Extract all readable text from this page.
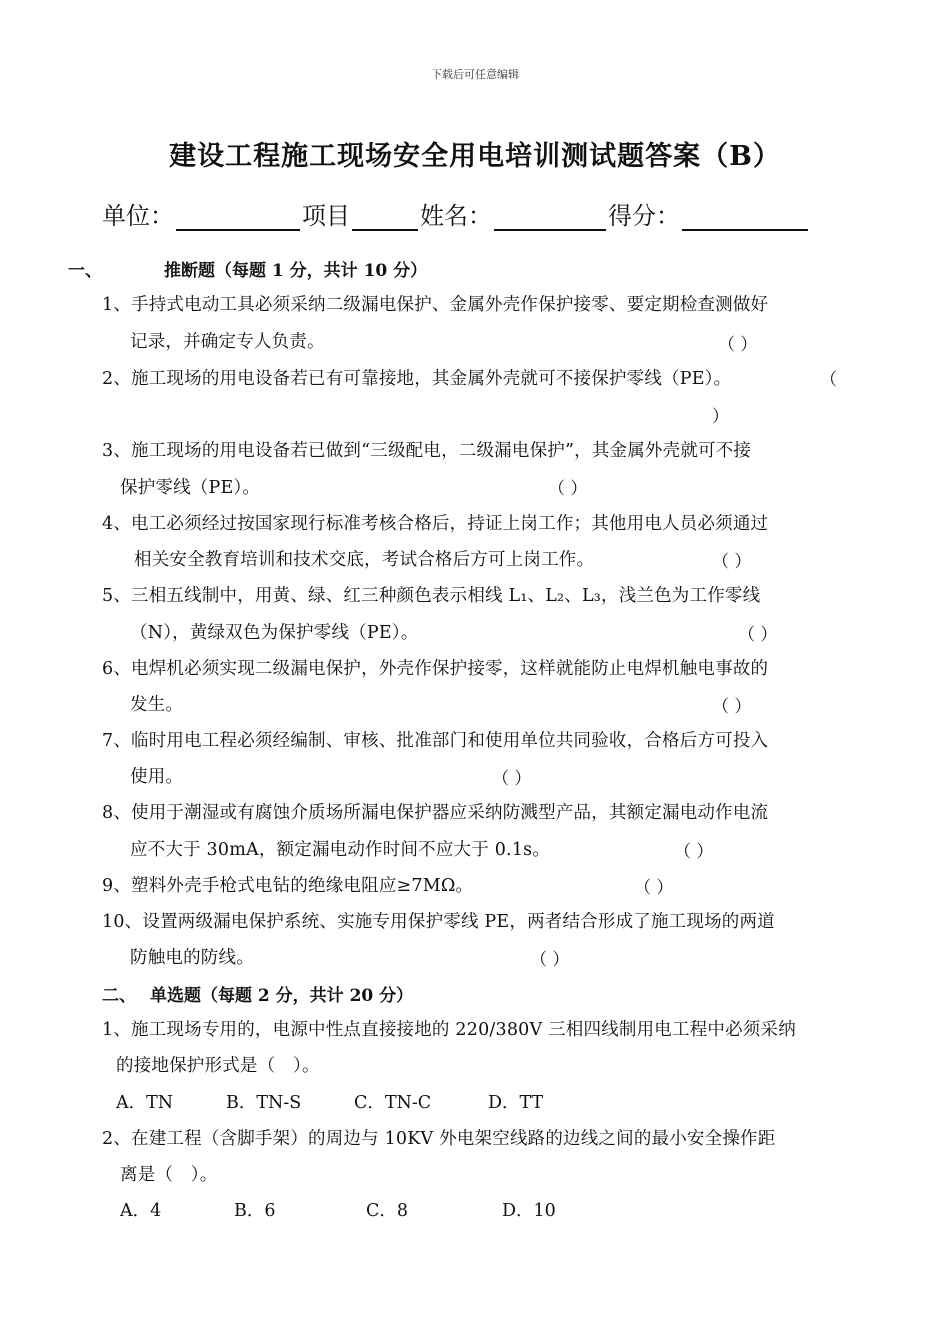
下载后可任意编辑
建设工程施工现场安全用电培训测试题答案（B）
单位：	项目	姓名：	得分：
一、	推断题（每题 1 分，共计 10 分）
1、手持式电动工具必须采纳二级漏电保护、金属外壳作保护接零、要定期检查测做好
记录，并确定专人负责。	（ ）
2、施工现场的用电设备若已有可靠接地，其金属外壳就可不接保护零线（PE）。	（
）
3、施工现场的用电设备若已做到“三级配电，二级漏电保护”，其金属外壳就可不接
保护零线（PE）。	（ ）
4、电工必须经过按国家现行标准考核合格后，持证上岗工作；其他用电人员必须通过
相关安全教育培训和技术交底，考试合格后方可上岗工作。	（ ）
5、三相五线制中，用黄、绿、红三种颜色表示相线 L₁、L₂、L₃，浅兰色为工作零线
（N），黄绿双色为保护零线（PE）。	（ ）
6、电焊机必须实现二级漏电保护，外壳作保护接零，这样就能防止电焊机触电事故的
发生。	（ ）
7、临时用电工程必须经编制、审核、批准部门和使用单位共同验收，合格后方可投入
使用。	（ ）
8、使用于潮湿或有腐蚀介质场所漏电保护器应采纳防溅型产品，其额定漏电动作电流
应不大于 30mA，额定漏电动作时间不应大于 0.1s。	（ ）
9、塑料外壳手枪式电钻的绝缘电阻应≥7MΩ。	（ ）
10、设置两级漏电保护系统、实施专用保护零线 PE，两者结合形成了施工现场的两道
防触电的防线。	（ ）
二、 单选题（每题 2 分，共计 20 分）
1、施工现场专用的，电源中性点直接接地的 220/380V 三相四线制用电工程中必须采纳
的接地保护形式是（　）。
A．TN	B．TN-S	C．TN-C	D．TT
2、在建工程（含脚手架）的周边与 10KV 外电架空线路的边线之间的最小安全操作距
离是（　）。
A．4	B．6	C．8	D．10
